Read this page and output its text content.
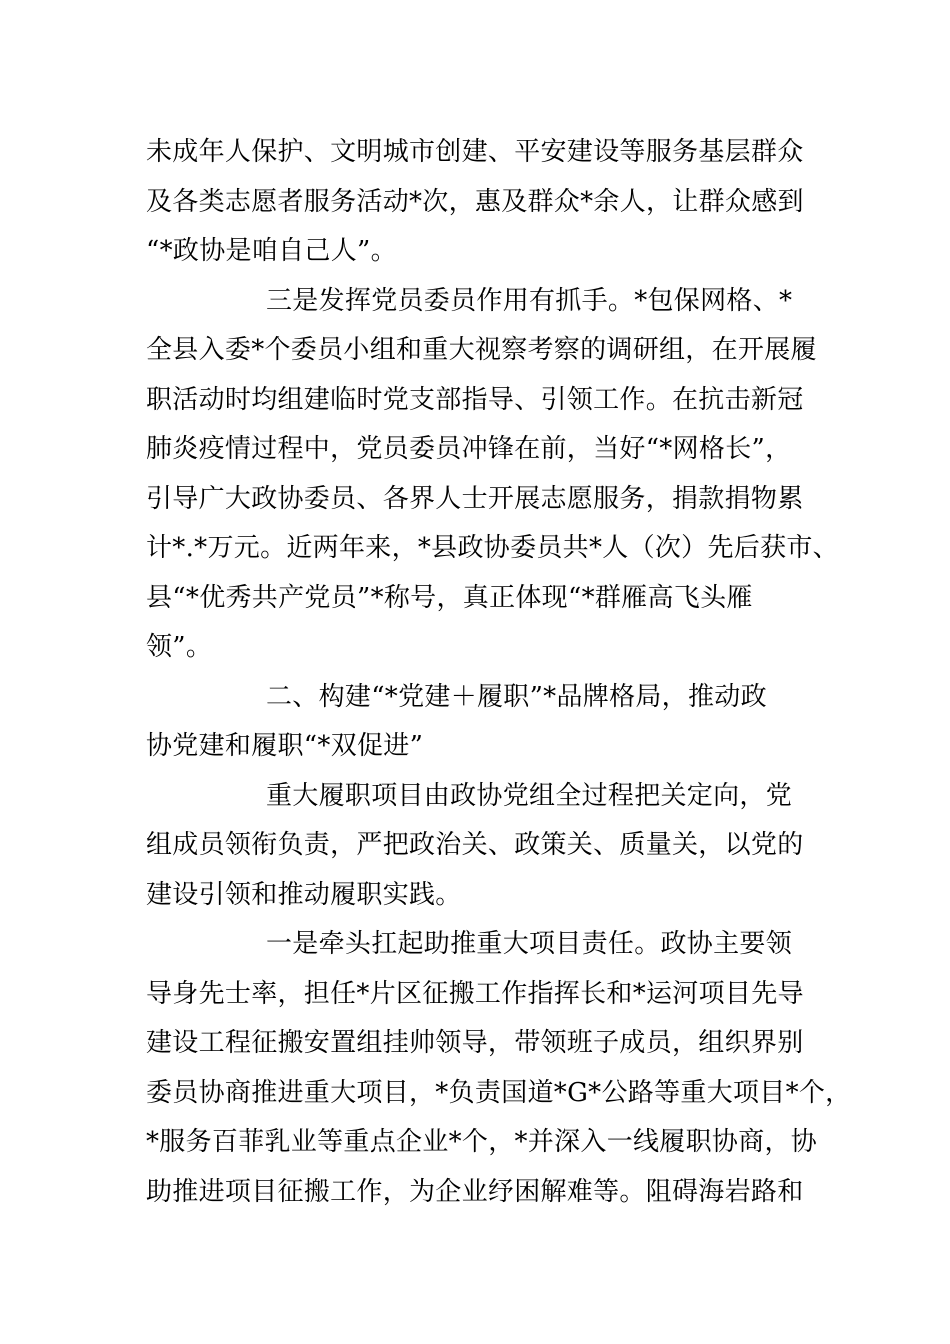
未成年人保护、文明城市创建、平安建设等服务基层群众
及各类志愿者服务活动*次，惠及群众*余人，让群众感到
“*政协是咱自己人”。
三是发挥党员委员作用有抓手。*包保网格、*
全县入委*个委员小组和重大视察考察的调研组，在开展履
职活动时均组建临时党支部指导、引领工作。在抗击新冠
肺炎疫情过程中，党员委员冲锋在前，当好“*网格长”，
引导广大政协委员、各界人士开展志愿服务，捐款捐物累
计*.*万元。近两年来，*县政协委员共*人（次）先后获市、
县“*优秀共产党员”*称号，真正体现“*群雁高飞头雁
领”。
二、构建“*党建＋履职”*品牌格局，推动政
协党建和履职“*双促进”
重大履职项目由政协党组全过程把关定向，党
组成员领衔负责，严把政治关、政策关、质量关，以党的
建设引领和推动履职实践。
一是牵头扛起助推重大项目责任。政协主要领
导身先士率，担任*片区征搬工作指挥长和*运河项目先导
建设工程征搬安置组挂帅领导，带领班子成员，组织界别
委员协商推进重大项目，*负责国道*G*公路等重大项目*个，
*服务百菲乳业等重点企业*个，*并深入一线履职协商，协
助推进项目征搬工作，为企业纾困解难等。阻碍海岩路和
